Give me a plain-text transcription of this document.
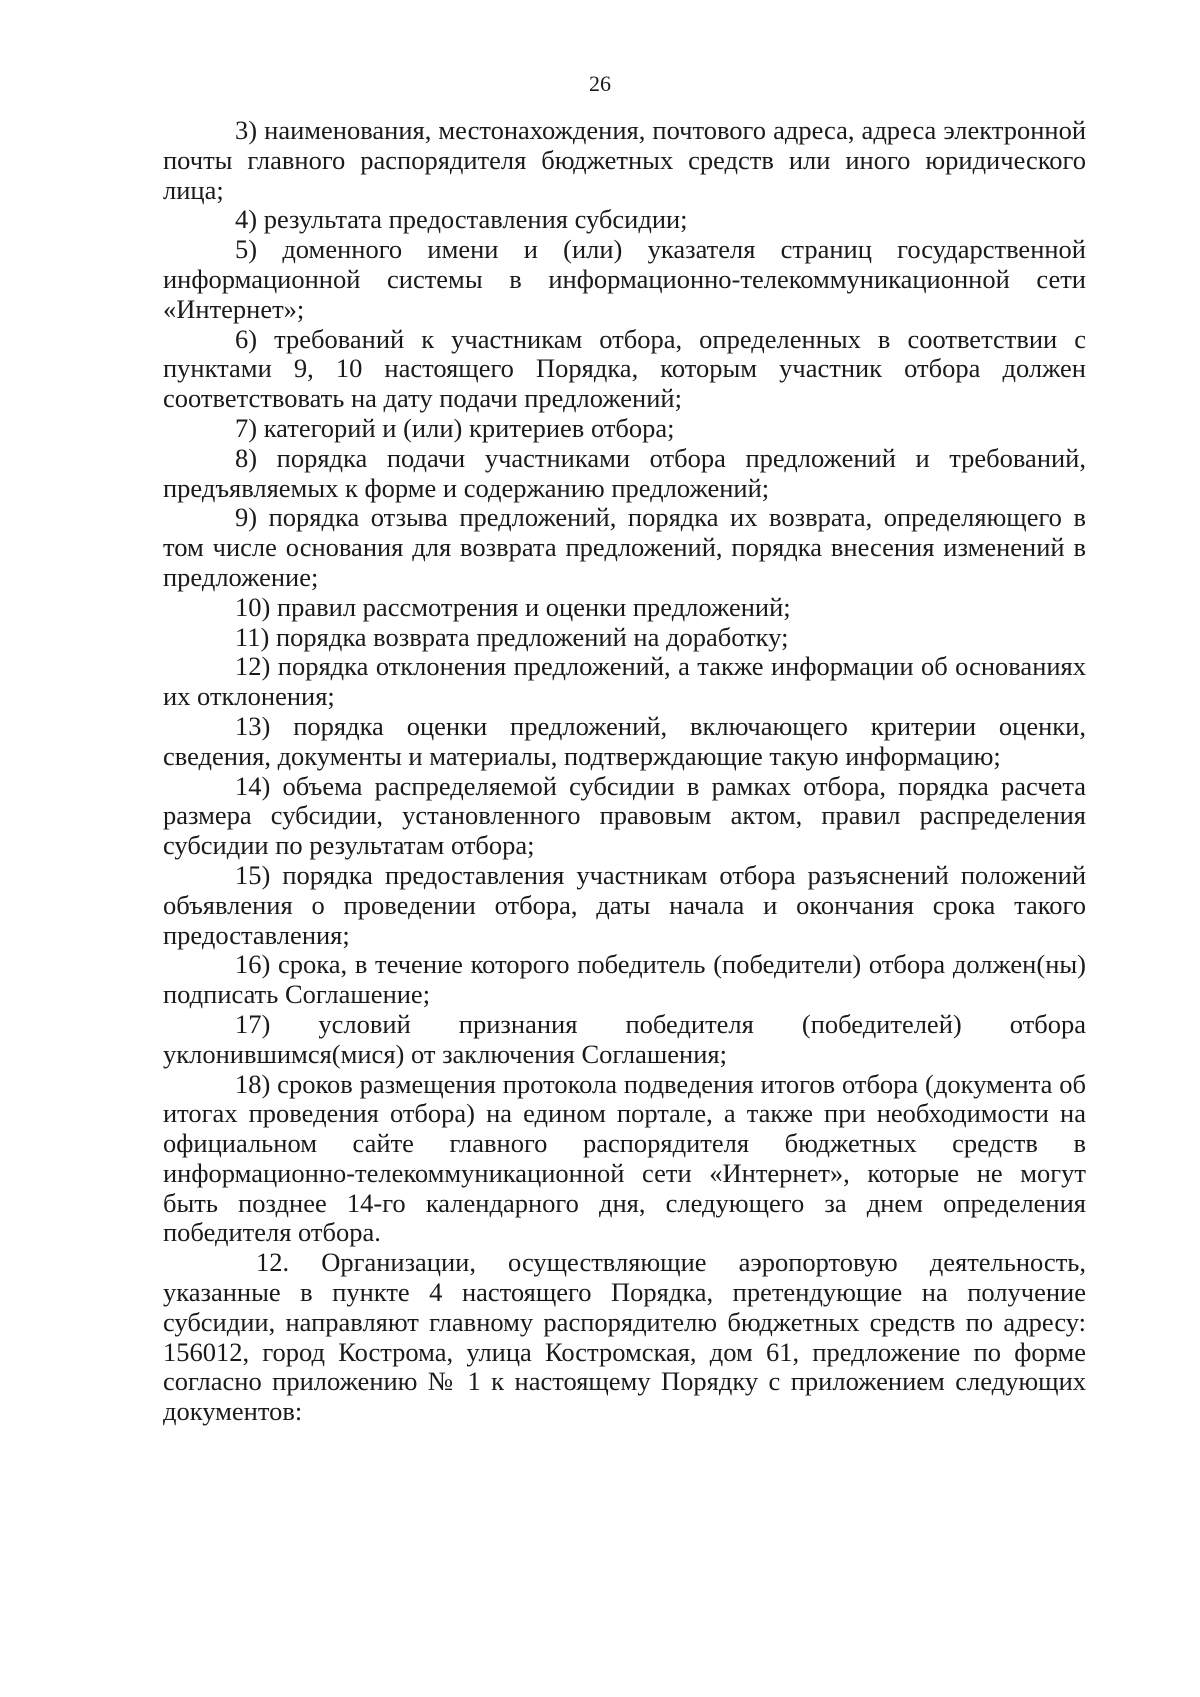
26

3) наименования, местонахождения, почтового адреса, адреса электронной почты главного распорядителя бюджетных средств или иного юридического лица;

4) результата предоставления субсидии;

5) доменного имени и (или) указателя страниц государственной информационной системы в информационно-телекоммуникационной сети «Интернет»;

6) требований к участникам отбора, определенных в соответствии с пунктами 9, 10 настоящего Порядка, которым участник отбора должен соответствовать на дату подачи предложений;

7) категорий и (или) критериев отбора;

8) порядка подачи участниками отбора предложений и требований, предъявляемых к форме и содержанию предложений;

9) порядка отзыва предложений, порядка их возврата, определяющего в том числе основания для возврата предложений, порядка внесения изменений в предложение;

10) правил рассмотрения и оценки предложений;

11) порядка возврата предложений на доработку;

12) порядка отклонения предложений, а также информации об основаниях их отклонения;

13) порядка оценки предложений, включающего критерии оценки, сведения, документы и материалы, подтверждающие такую информацию;

14) объема распределяемой субсидии в рамках отбора, порядка расчета размера субсидии, установленного правовым актом, правил распределения субсидии по результатам отбора;

15) порядка предоставления участникам отбора разъяснений положений объявления о проведении отбора, даты начала и окончания срока такого предоставления;

16) срока, в течение которого победитель (победители) отбора должен(ны) подписать Соглашение;

17) условий признания победителя (победителей) отбора уклонившимся(мися) от заключения Соглашения;

18) сроков размещения протокола подведения итогов отбора (документа об итогах проведения отбора) на едином портале, а также при необходимости на официальном сайте главного распорядителя бюджетных средств в информационно-телекоммуникационной сети «Интернет», которые не могут быть позднее 14-го календарного дня, следующего за днем определения победителя отбора.

12. Организации, осуществляющие аэропортовую деятельность, указанные в пункте 4 настоящего Порядка, претендующие на получение субсидии, направляют главному распорядителю бюджетных средств по адресу: 156012, город Кострома, улица Костромская, дом 61, предложение по форме согласно приложению № 1 к настоящему Порядку с приложением следующих документов:
